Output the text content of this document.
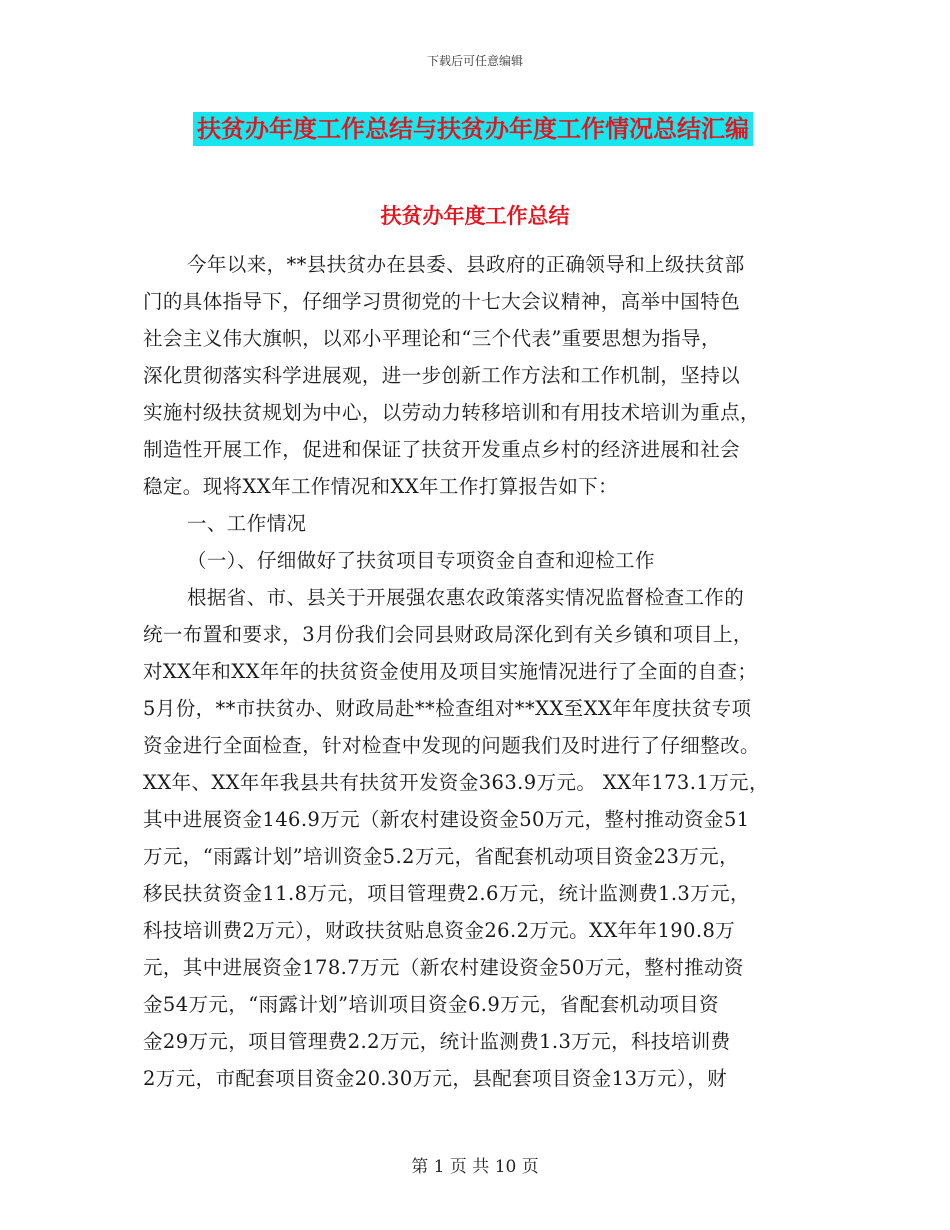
下载后可任意编辑
扶贫办年度工作总结与扶贫办年度工作情况总结汇编
扶贫办年度工作总结
今年以来，**县扶贫办在县委、县政府的正确领导和上级扶贫部
门的具体指导下，仔细学习贯彻党的十七大会议精神，高举中国特色
社会主义伟大旗帜，以邓小平理论和“三个代表”重要思想为指导，
深化贯彻落实科学进展观，进一步创新工作方法和工作机制，坚持以
实施村级扶贫规划为中心，以劳动力转移培训和有用技术培训为重点，
制造性开展工作，促进和保证了扶贫开发重点乡村的经济进展和社会
稳定。现将XX年工作情况和XX年工作打算报告如下：
一、工作情况
（一）、仔细做好了扶贫项目专项资金自查和迎检工作
根据省、市、县关于开展强农惠农政策落实情况监督检查工作的
统一布置和要求，3月份我们会同县财政局深化到有关乡镇和项目上，
对XX年和XX年年的扶贫资金使用及项目实施情况进行了全面的自查；
5月份，**市扶贫办、财政局赴**检查组对**XX至XX年年度扶贫专项
资金进行全面检查，针对检查中发现的问题我们及时进行了仔细整改。
XX年、XX年年我县共有扶贫开发资金363.9万元。 XX年173.1万元，
其中进展资金146.9万元（新农村建设资金50万元，整村推动资金51
万元，“雨露计划”培训资金5.2万元，省配套机动项目资金23万元，
移民扶贫资金11.8万元，项目管理费2.6万元，统计监测费1.3万元，
科技培训费2万元），财政扶贫贴息资金26.2万元。XX年年190.8万
元，其中进展资金178.7万元（新农村建设资金50万元，整村推动资
金54万元，“雨露计划”培训项目资金6.9万元，省配套机动项目资
金29万元，项目管理费2.2万元，统计监测费1.3万元，科技培训费
2万元，市配套项目资金20.30万元，县配套项目资金13万元），财
第 1 页 共 10 页
